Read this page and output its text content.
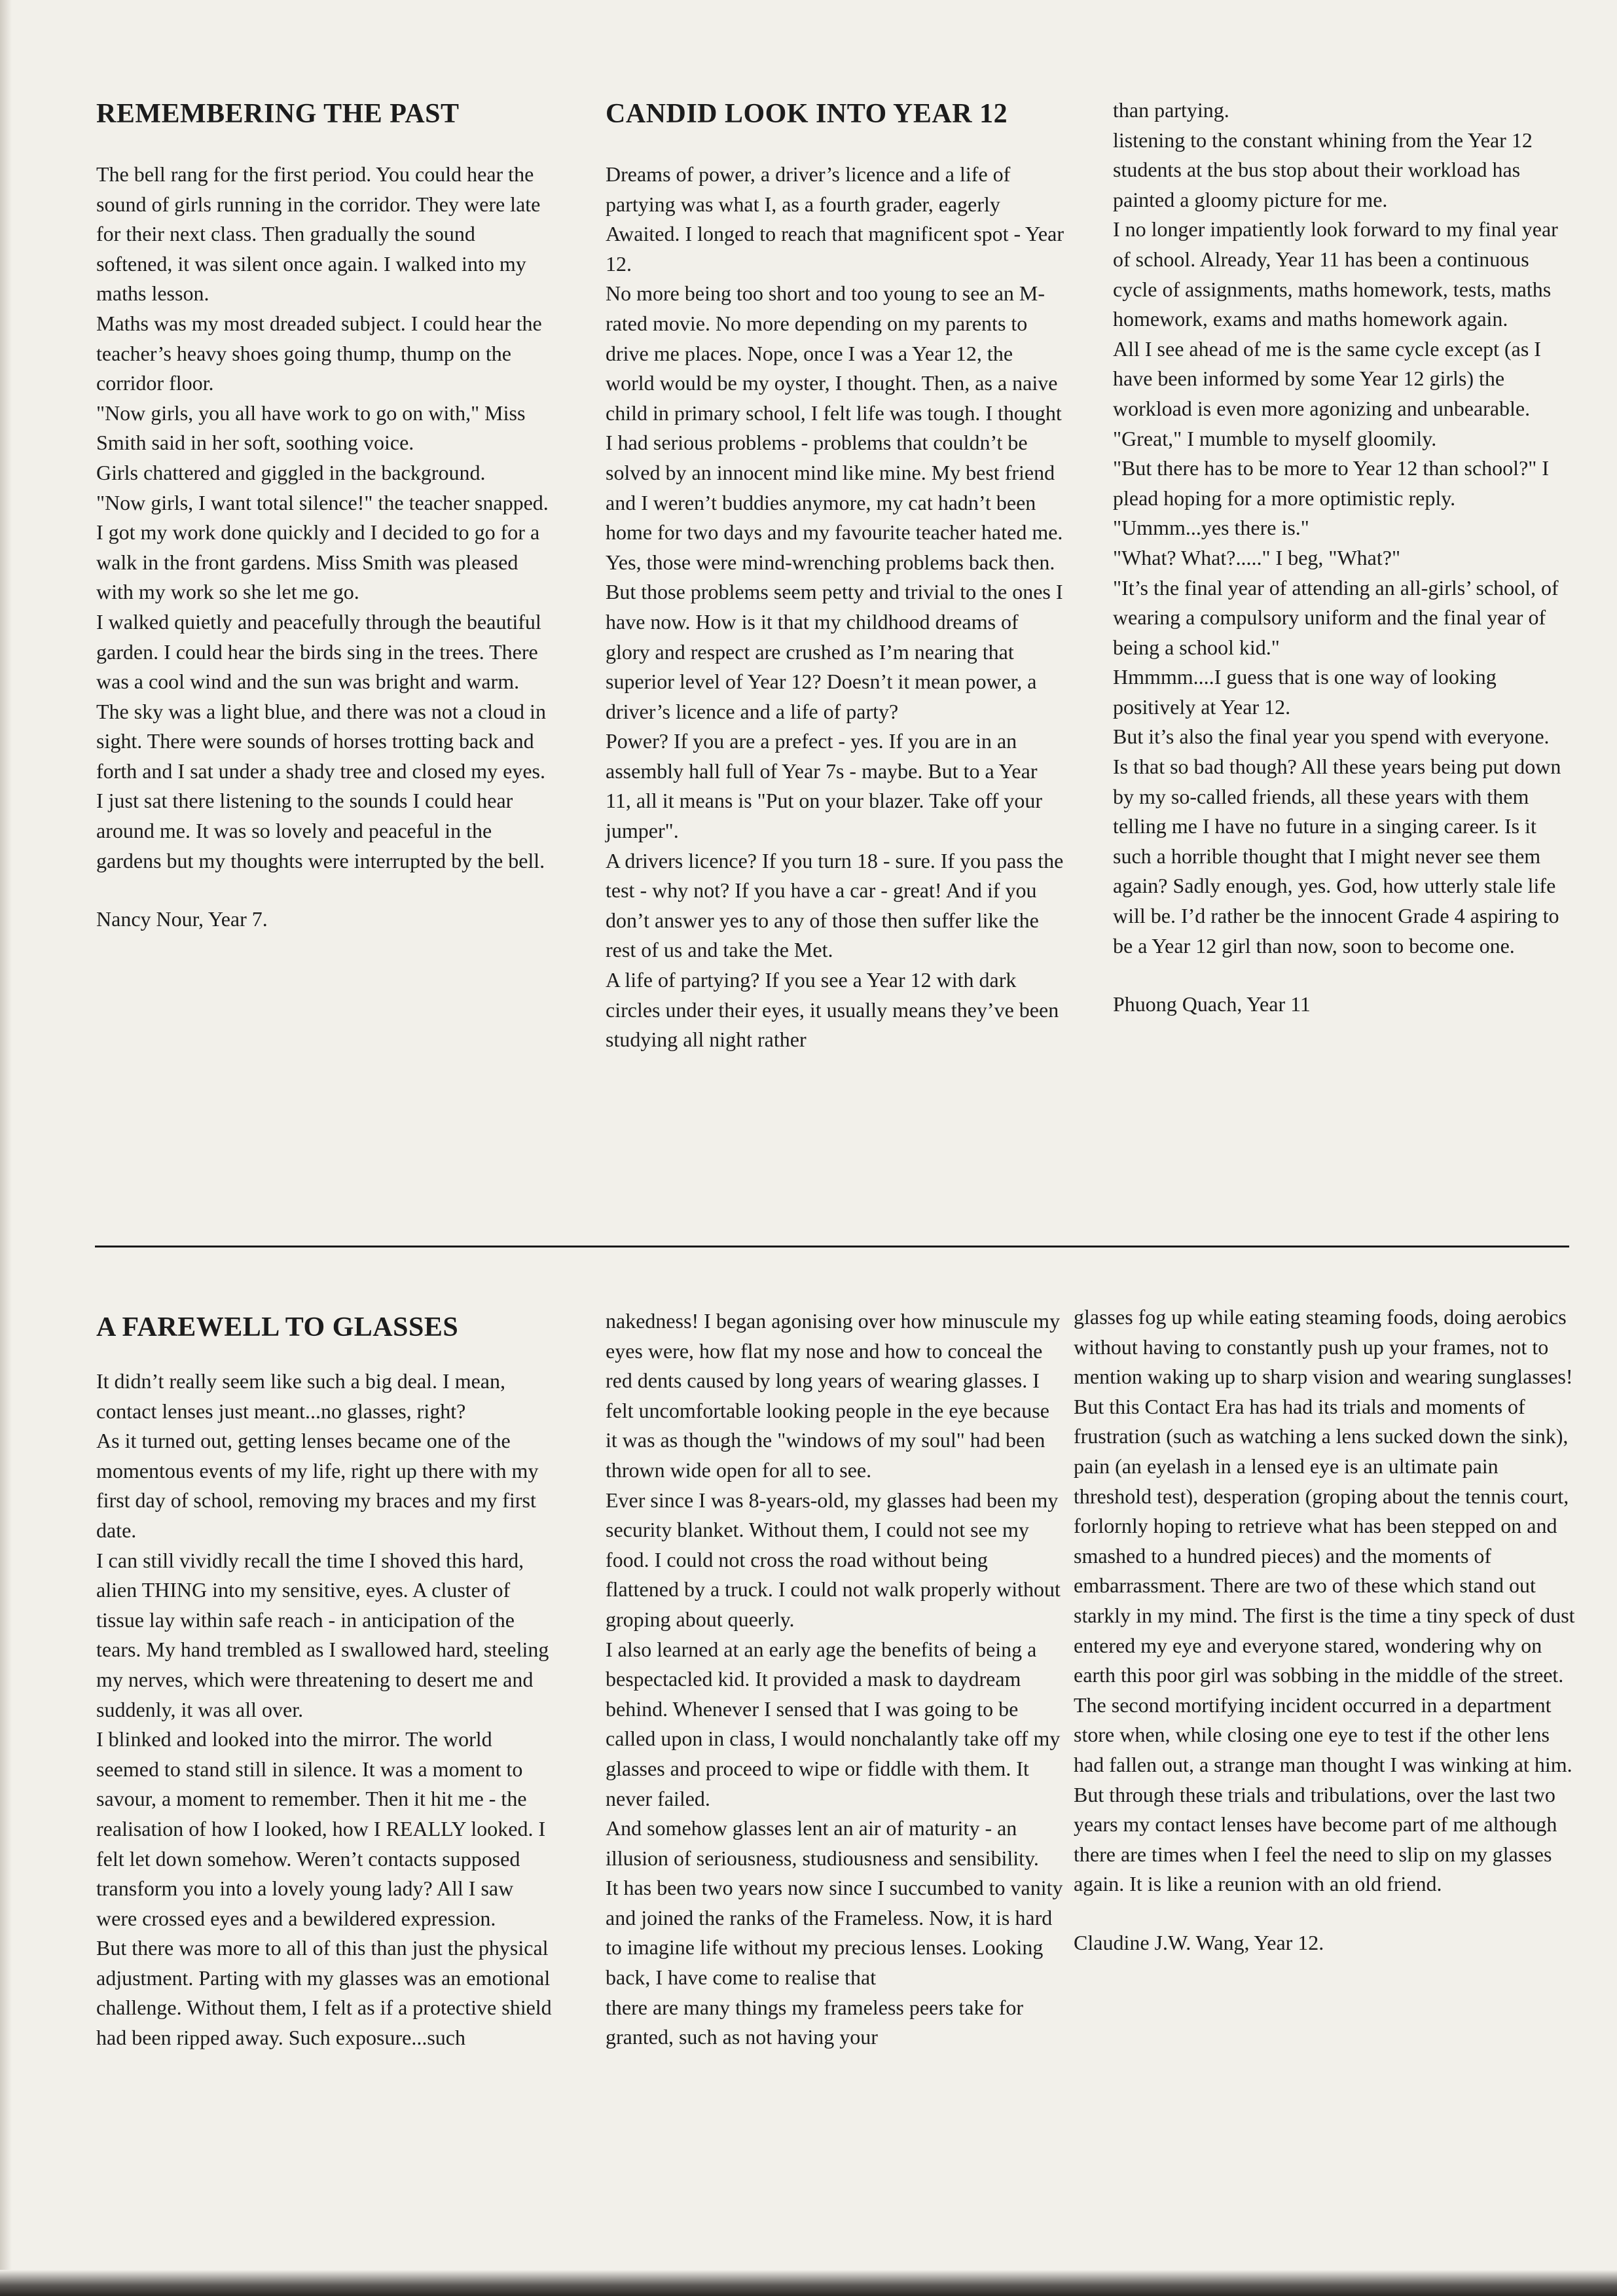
REMEMBERING THE PAST

The bell rang for the first period. You could hear the sound of girls running in the corridor. They were late for their next class. Then gradually the sound softened, it was silent once again. I walked into my maths lesson.

Maths was my most dreaded subject. I could hear the teacher’s heavy shoes going thump, thump on the corridor floor.

"Now girls, you all have work to go on with," Miss Smith said in her soft, soothing voice.

Girls chattered and giggled in the background.

"Now girls, I want total silence!" the teacher snapped.

I got my work done quickly and I decided to go for a walk in the front gardens. Miss Smith was pleased with my work so she let me go.

I walked quietly and peacefully through the beautiful garden. I could hear the birds sing in the trees. There was a cool wind and the sun was bright and warm. The sky was a light blue, and there was not a cloud in sight. There were sounds of horses trotting back and forth and I sat under a shady tree and closed my eyes. I just sat there listening to the sounds I could hear around me. It was so lovely and peaceful in the gardens but my thoughts were interrupted by the bell.

Nancy Nour, Year 7.

CANDID LOOK INTO YEAR 12

Dreams of power, a driver’s licence and a life of partying was what I, as a fourth grader, eagerly Awaited. I longed to reach that magnificent spot - Year 12.

No more being too short and too young to see an M-rated movie. No more depending on my parents to drive me places. Nope, once I was a Year 12, the world would be my oyster, I thought. Then, as a naive child in primary school, I felt life was tough. I thought I had serious problems - problems that couldn’t be solved by an innocent mind like mine. My best friend and I weren’t buddies anymore, my cat hadn’t been home for two days and my favourite teacher hated me. Yes, those were mind-wrenching problems back then.

But those problems seem petty and trivial to the ones I have now. How is it that my childhood dreams of glory and respect are crushed as I’m nearing that superior level of Year 12? Doesn’t it mean power, a driver’s licence and a life of party?

Power? If you are a prefect - yes. If you are in an assembly hall full of Year 7s - maybe. But to a Year 11, all it means is "Put on your blazer. Take off your jumper".

A drivers licence? If you turn 18 - sure. If you pass the test - why not? If you have a car - great! And if you don’t answer yes to any of those then suffer like the rest of us and take the Met.

A life of partying? If you see a Year 12 with dark circles under their eyes, it usually means they’ve been studying all night rather

than partying.

listening to the constant whining from the Year 12 students at the bus stop about their workload has painted a gloomy picture for me.

I no longer impatiently look forward to my final year of school. Already, Year 11 has been a continuous cycle of assignments, maths homework, tests, maths homework, exams and maths homework again.

All I see ahead of me is the same cycle except (as I have been informed by some Year 12 girls) the workload is even more agonizing and unbearable.

"Great," I mumble to myself gloomily.

"But there has to be more to Year 12 than school?" I plead hoping for a more optimistic reply.

"Ummm...yes there is."

"What? What?....." I beg, "What?"

"It’s the final year of attending an all-girls’ school, of wearing a compulsory uniform and the final year of being a school kid."

Hmmmm....I guess that is one way of looking positively at Year 12.

But it’s also the final year you spend with everyone.

Is that so bad though? All these years being put down by my so-called friends, all these years with them telling me I have no future in a singing career. Is it such a horrible thought that I might never see them again? Sadly enough, yes. God, how utterly stale life will be. I’d rather be the innocent Grade 4 aspiring to be a Year 12 girl than now, soon to become one.

Phuong Quach, Year 11

A FAREWELL TO GLASSES

It didn’t really seem like such a big deal. I mean, contact lenses just meant...no glasses, right?

As it turned out, getting lenses became one of the momentous events of my life, right up there with my first day of school, removing my braces and my first date.

I can still vividly recall the time I shoved this hard, alien THING into my sensitive, eyes. A cluster of tissue lay within safe reach - in anticipation of the tears. My hand trembled as I swallowed hard, steeling my nerves, which were threatening to desert me and suddenly, it was all over.

I blinked and looked into the mirror. The world seemed to stand still in silence. It was a moment to savour, a moment to remember. Then it hit me - the realisation of how I looked, how I REALLY looked. I felt let down somehow. Weren’t contacts supposed transform you into a lovely young lady? All I saw were crossed eyes and a bewildered expression.

But there was more to all of this than just the physical adjustment. Parting with my glasses was an emotional challenge. Without them, I felt as if a protective shield had been ripped away. Such exposure...such

nakedness! I began agonising over how minuscule my eyes were, how flat my nose and how to conceal the red dents caused by long years of wearing glasses. I felt uncomfortable looking people in the eye because it was as though the "windows of my soul" had been thrown wide open for all to see.

Ever since I was 8-years-old, my glasses had been my security blanket. Without them, I could not see my food. I could not cross the road without being flattened by a truck. I could not walk properly without groping about queerly.

I also learned at an early age the benefits of being a bespectacled kid. It provided a mask to daydream behind. Whenever I sensed that I was going to be called upon in class, I would nonchalantly take off my glasses and proceed to wipe or fiddle with them. It never failed.

And somehow glasses lent an air of maturity - an illusion of seriousness, studiousness and sensibility.

It has been two years now since I succumbed to vanity and joined the ranks of the Frameless. Now, it is hard to imagine life without my precious lenses. Looking back, I have come to realise that

there are many things my frameless peers take for granted, such as not having your

glasses fog up while eating steaming foods, doing aerobics without having to constantly push up your frames, not to mention waking up to sharp vision and wearing sunglasses!

But this Contact Era has had its trials and moments of frustration (such as watching a lens sucked down the sink), pain (an eyelash in a lensed eye is an ultimate pain threshold test), desperation (groping about the tennis court, forlornly hoping to retrieve what has been stepped on and smashed to a hundred pieces) and the moments of embarrassment. There are two of these which stand out starkly in my mind. The first is the time a tiny speck of dust entered my eye and everyone stared, wondering why on earth this poor girl was sobbing in the middle of the street. The second mortifying incident occurred in a department store when, while closing one eye to test if the other lens had fallen out, a strange man thought I was winking at him. But through these trials and tribulations, over the last two years my contact lenses have become part of me although there are times when I feel the need to slip on my glasses again. It is like a reunion with an old friend.

Claudine J.W. Wang, Year 12.
